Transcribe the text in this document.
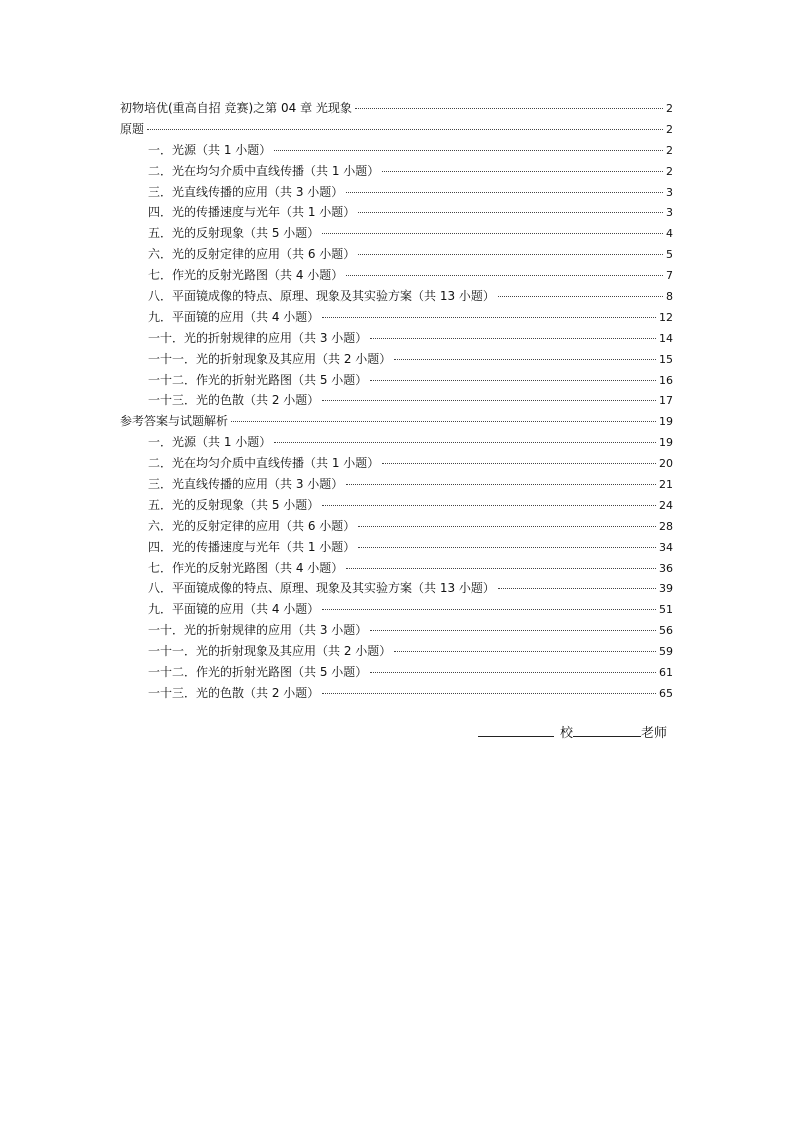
初物培优(重高自招 竞赛)之第 04 章 光现象	2
原题	2
一．光源（共 1 小题）	2
二．光在均匀介质中直线传播（共 1 小题）	2
三．光直线传播的应用（共 3 小题）	3
四．光的传播速度与光年（共 1 小题）	3
五．光的反射现象（共 5 小题）	4
六．光的反射定律的应用（共 6 小题）	5
七．作光的反射光路图（共 4 小题）	7
八．平面镜成像的特点、原理、现象及其实验方案（共 13 小题）	8
九．平面镜的应用（共 4 小题）	12
一十．光的折射规律的应用（共 3 小题）	14
一十一．光的折射现象及其应用（共 2 小题）	15
一十二．作光的折射光路图（共 5 小题）	16
一十三．光的色散（共 2 小题）	17
参考答案与试题解析	19
一．光源（共 1 小题）	19
二．光在均匀介质中直线传播（共 1 小题）	20
三．光直线传播的应用（共 3 小题）	21
五．光的反射现象（共 5 小题）	24
六．光的反射定律的应用（共 6 小题）	28
四．光的传播速度与光年（共 1 小题）	34
七．作光的反射光路图（共 4 小题）	36
八．平面镜成像的特点、原理、现象及其实验方案（共 13 小题）	39
九．平面镜的应用（共 4 小题）	51
一十．光的折射规律的应用（共 3 小题）	56
一十一．光的折射现象及其应用（共 2 小题）	59
一十二．作光的折射光路图（共 5 小题）	61
一十三．光的色散（共 2 小题）	65
校	老师
